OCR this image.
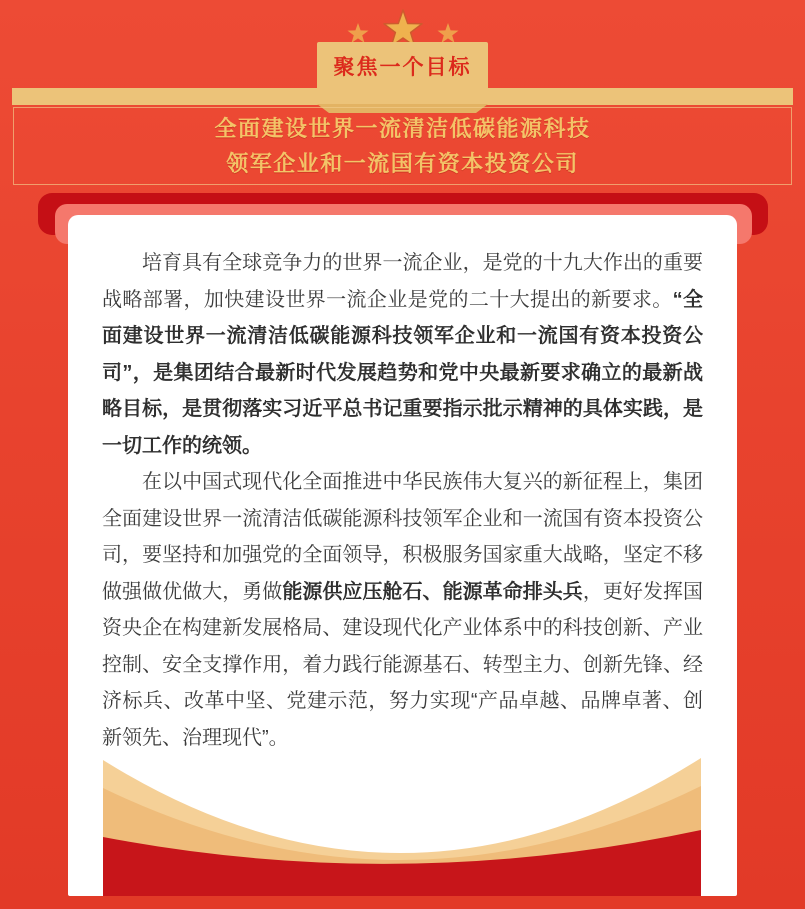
聚焦一个目标
全面建设世界一流清洁低碳能源科技
领军企业和一流国有资本投资公司

培育具有全球竞争力的世界一流企业，是党的十九大作出的重要战略部署，加快建设世界一流企业是党的二十大提出的新要求。“全面建设世界一流清洁低碳能源科技领军企业和一流国有资本投资公司”，是集团结合最新时代发展趋势和党中央最新要求确立的最新战略目标，是贯彻落实习近平总书记重要指示批示精神的具体实践，是一切工作的统领。

在以中国式现代化全面推进中华民族伟大复兴的新征程上，集团全面建设世界一流清洁低碳能源科技领军企业和一流国有资本投资公司，要坚持和加强党的全面领导，积极服务国家重大战略，坚定不移做强做优做大，勇做能源供应压舱石、能源革命排头兵，更好发挥国资央企在构建新发展格局、建设现代化产业体系中的科技创新、产业控制、安全支撑作用，着力践行能源基石、转型主力、创新先锋、经济标兵、改革中坚、党建示范，努力实现“产品卓越、品牌卓著、创新领先、治理现代”。
